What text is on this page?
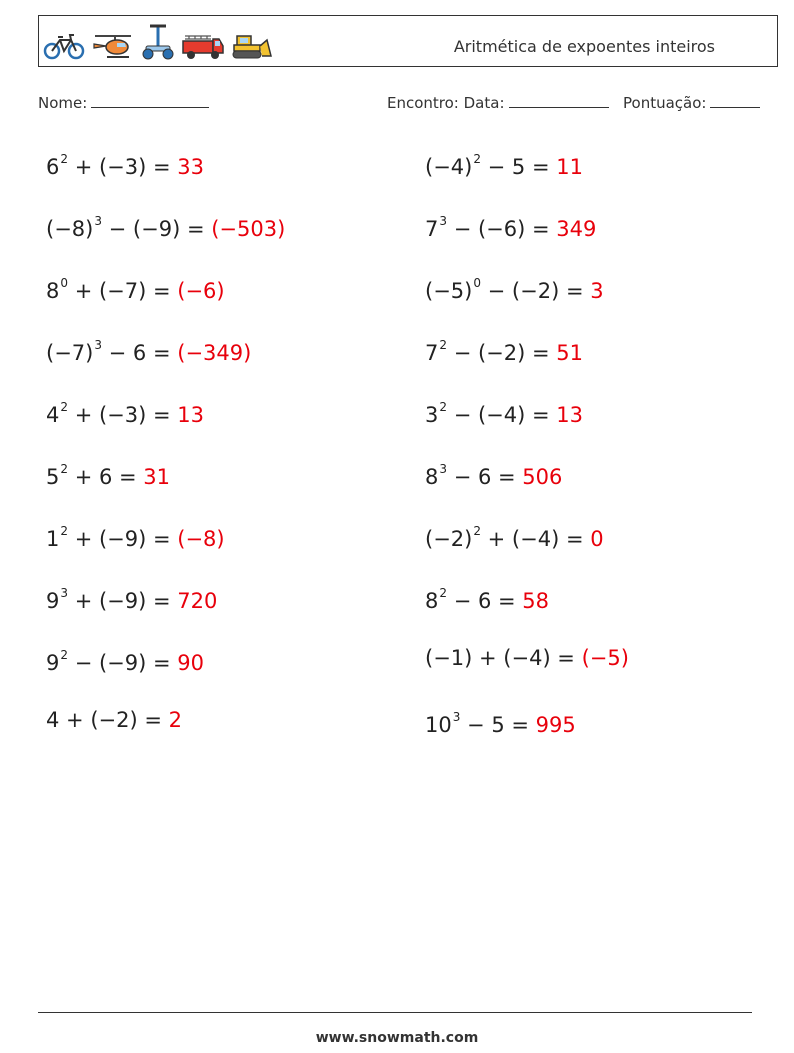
Aritmética de expoentes inteiros
Nome:	Encontro: Data:	Pontuação:
$6^2 + (-3) = 33$
$(-8)^3 - (-9) = (-503)$
$8^0 + (-7) = (-6)$
$(-7)^3 - 6 = (-349)$
$4^2 + (-3) = 13$
$5^2 + 6 = 31$
$1^2 + (-9) = (-8)$
$9^3 + (-9) = 720$
$9^2 - (-9) = 90$
4 + (−2) = 2
$(-4)^2 - 5 = 11$
$7^3 - (-6) = 349$
$(-5)^0 - (-2) = 3$
$7^2 - (-2) = 51$
$3^2 - (-4) = 13$
$8^3 - 6 = 506$
$(-2)^2 + (-4) = 0$
$8^2 - 6 = 58$
(−1) + (−4) = (−5)
$10^3 - 5 = 995$
www.snowmath.com
